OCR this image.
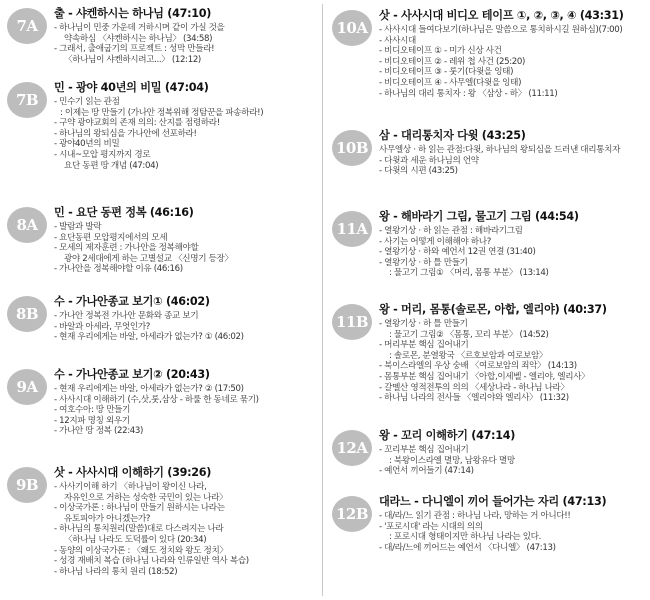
7A
출 - 샤켄하시는 하나님 (47:10)
- 하나님이 민중 가운데 거하시며 같이 가실 것을
약속하심 〈샤켄하시는 하나님〉 (34:58)
- 그래서, 출애굽기의 프로젝트 : 성막 만들라!
〈하나님이 샤켄하시려고...〉 (12:12)
7B
민 - 광야 40년의 비밀 (47:04)
- 민수기 읽는 관점
: 이제는 땅 만들기 (가나안 정복위해 정탐꾼을 파송하라!)
- 구약 광야교회의 존재 의의: 산지를 점령하라!
- 하나님의 왕되심을 가나안에 선포하라!
- 광야40년의 비밀
- 시내~모압 평지까지 경로
요단 동편 땅 개념 (47:04)
8A
민 - 요단 동편 정복 (46:16)
- 발람과 발락
- 요단동편 모압평지에서의 모세
- 모세의 제자훈련 : 가나안을 정복해야할
광야 2세대에게 하는 고별설교 〈신명기 등장〉
- 가나안을 정복해야할 이유 (46:16)
8B
수 - 가나안종교 보기① (46:02)
- 가나안 정복전 가나안 문화와 종교 보기
- 바알과 아세라, 무엇인가?
- 현재 우리에게는 바알, 아세라가 없는가? ① (46:02)
9A
수 - 가나안종교 보기② (20:43)
- 현재 우리에게는 바알, 아세라가 없는가? ② (17:50)
- 사사시대 이해하기 (수,삿,룻,삼상 - 하룰 한 동네로 묶기)
- 여호수아: 땅 만들기
- 12지파 명칭 외우기
- 가나안 땅 정복 (22:43)
9B
삿 - 사사시대 이해하기 (39:26)
- 사사기이해 하기 〈하나님이 왕이신 나라,
자유인으로 거하는 성숙한 국민이 있는 나라〉
- 이상국가론 : 하나님이 만들기 원하시는 나라는
유토피아가 아니겠는가?
- 하나님의 통치원리(말씀)대로 다스려지는 나라
〈하나님 나라도 도덕률이 있다 (20:34)
- 동양의 이상국가론 : 〈왜도 정치와 왕도 정치〉
- 성경 재배치 복습 (하나님 나라와 인류일반 역사 복습)
- 하나님 나라의 통치 원리 (18:52)
10A
삿 - 사사시대 비디오 테이프 ①, ②, ③, ④ (43:31)
- 사사시대 들여다보기(하나님은 말씀으로 통치하시길 원하심)(7:00)
- 사사시대
- 비디오테이프 ① - 미가 신상 사건
- 비디오테이프 ② - 레위 첩 사건 (25:20)
- 비디오테이프 ③ - 룻기(다윗을 잉태)
- 비디오테이프 ④ - 사무엘(다윗을 잉태)
- 하나님의 대리 통치자 : 왕 〈삼상 - 하〉 (11:11)
10B
삼 - 대리통치자 다윗 (43:25)
사무엘상 · 하 읽는 관점:다윗, 하나님의 왕되심을 드러낸 대리통치자
- 다윗과 세운 하나님의 언약
- 다윗의 시편 (43:25)
11A
왕 - 해바라기 그림, 물고기 그림 (44:54)
- 열왕기상 · 하 읽는 관점 : 해바라기그림
- 사기는 어떻게 이해해야 하나?
- 열왕기상 · 하와 예언서 12권 연결 (31:40)
- 열왕기상 · 하 틀 만들기
: 물고기 그림① 〈머리, 몸통 부분〉 (13:14)
11B
왕 - 머리, 몸통(솔로몬, 아합, 엘리야) (40:37)
- 열왕기상 · 하 틀 만들기
: 물고기 그림② 〈몸통, 꼬리 부분〉 (14:52)
- 머리부분 핵심 집어내기
: 솔로몬, 분열왕국 〈르호보암과 여로보암〉
- 북이스라엘의 우상 숭배 〈여로보암의 죄악〉 (14:13)
- 몸통부분 핵심 집어내기 〈아합,이세벨 - 엘리야, 엘리사〉
- 갈멜산 영적전투의 의의 〈세상나라 - 하나님 나라〉
- 하나님 나라의 전사들 〈엘리야와 엘리사〉 (11:32)
12A
왕 - 꼬리 이해하기 (47:14)
- 꼬리부분 핵심 집어내기
: 북왕이스라엘 멸망, 남왕유다 멸망
- 예언서 끼어들기 (47:14)
12B
대라느 - 다니엘이 끼어 들어가는 자리 (47:13)
- 대/라/느 읽기 관점 : 하나님 나라, 망하는 거 아니다!!
- '포로시대' 라는 시대의 의의
: 포로시대 형태이지만 하나님 나라는 있다.
- 대/라/느에 끼어드는 예언서 〈다니엘〉 (47:13)
